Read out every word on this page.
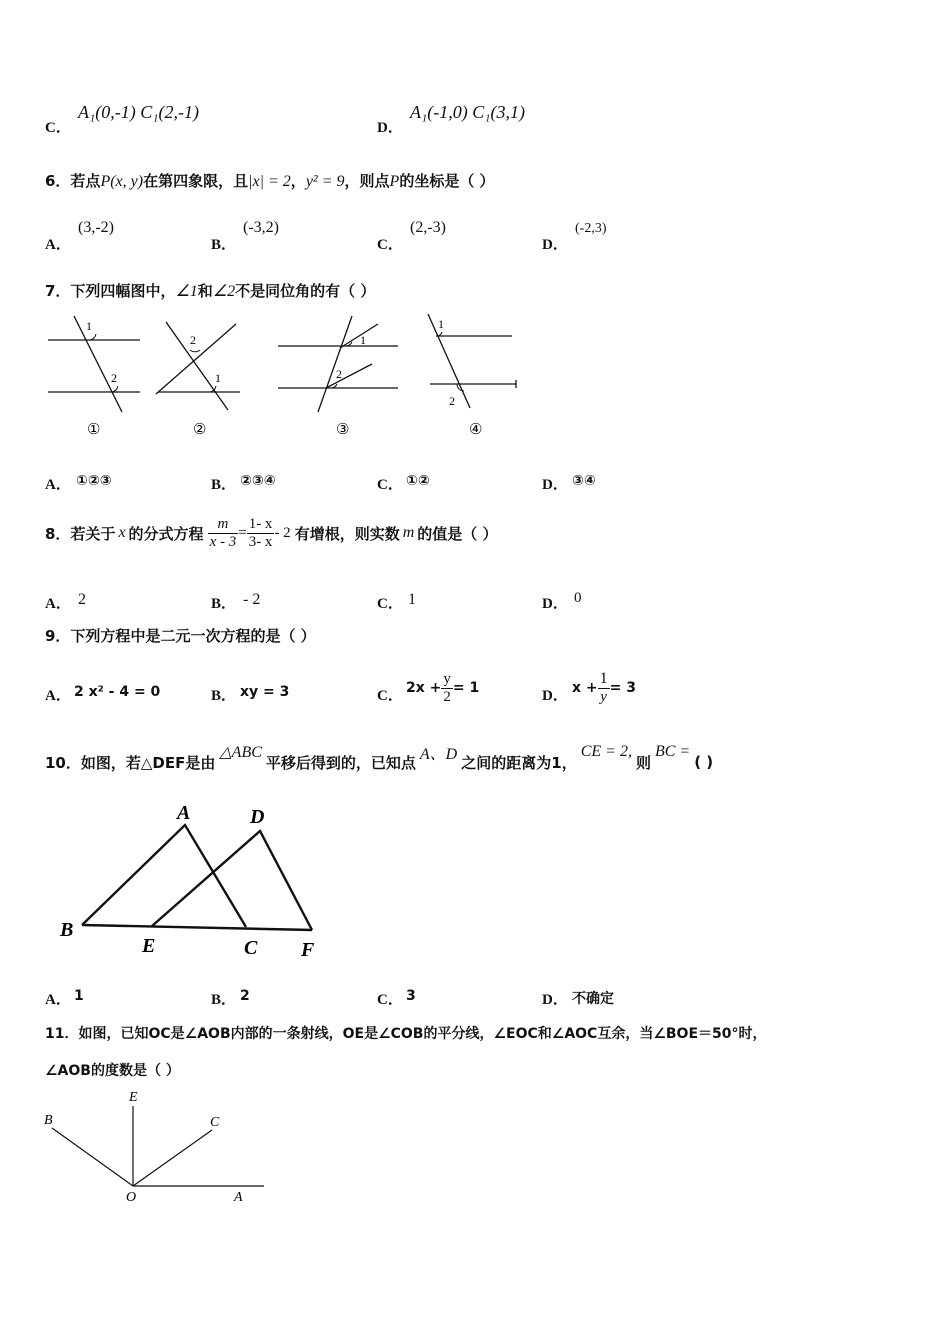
C．
A₁(0,-1) C₁(2,-1)
D．
A₁(-1,0) C₁(3,1)
6．若点P(x, y)在第四象限，且|x| = 2，y² = 9，则点P的坐标是（ ）
A．
(3,-2)
B．
(-3,2)
C．
(2,-3)
D．
(-2,3)
7．下列四幅图中，∠1和∠2不是同位角的有（ ）
1
2
①
2
1
②
1
2
③
1
2
④
A． ①②③	B． ②③④	C． ①②	D． ③④
8．若关于 x 的分式方程 $\frac{m}{x - 3} = \frac{1- x}{3- x} - 2$ 有增根，则实数 m 的值是（ ）
A． 2	B． - 2	C． 1	D． 0
9．下列方程中是二元一次方程的是（ ）
A． 2 x² - 4 = 0	B． xy = 3	C． $2x + \frac{y}{2} = 1$	D． $x + \frac{1}{y} = 3$
10．如图，若△DEF是由
△ABC
平移后得到的，已知点 A、D 之间的距离为1，
CE = 2,
则
BC =
( )
A	D
B
E	C F
A． 1	B． 2	C． 3	D． 不确定
11．如图，已知OC是∠AOB内部的一条射线，OE是∠COB的平分线，∠EOC和∠AOC互余，当∠BOE＝50°时，
∠AOB的度数是（ ）
B
E
C
O	A
